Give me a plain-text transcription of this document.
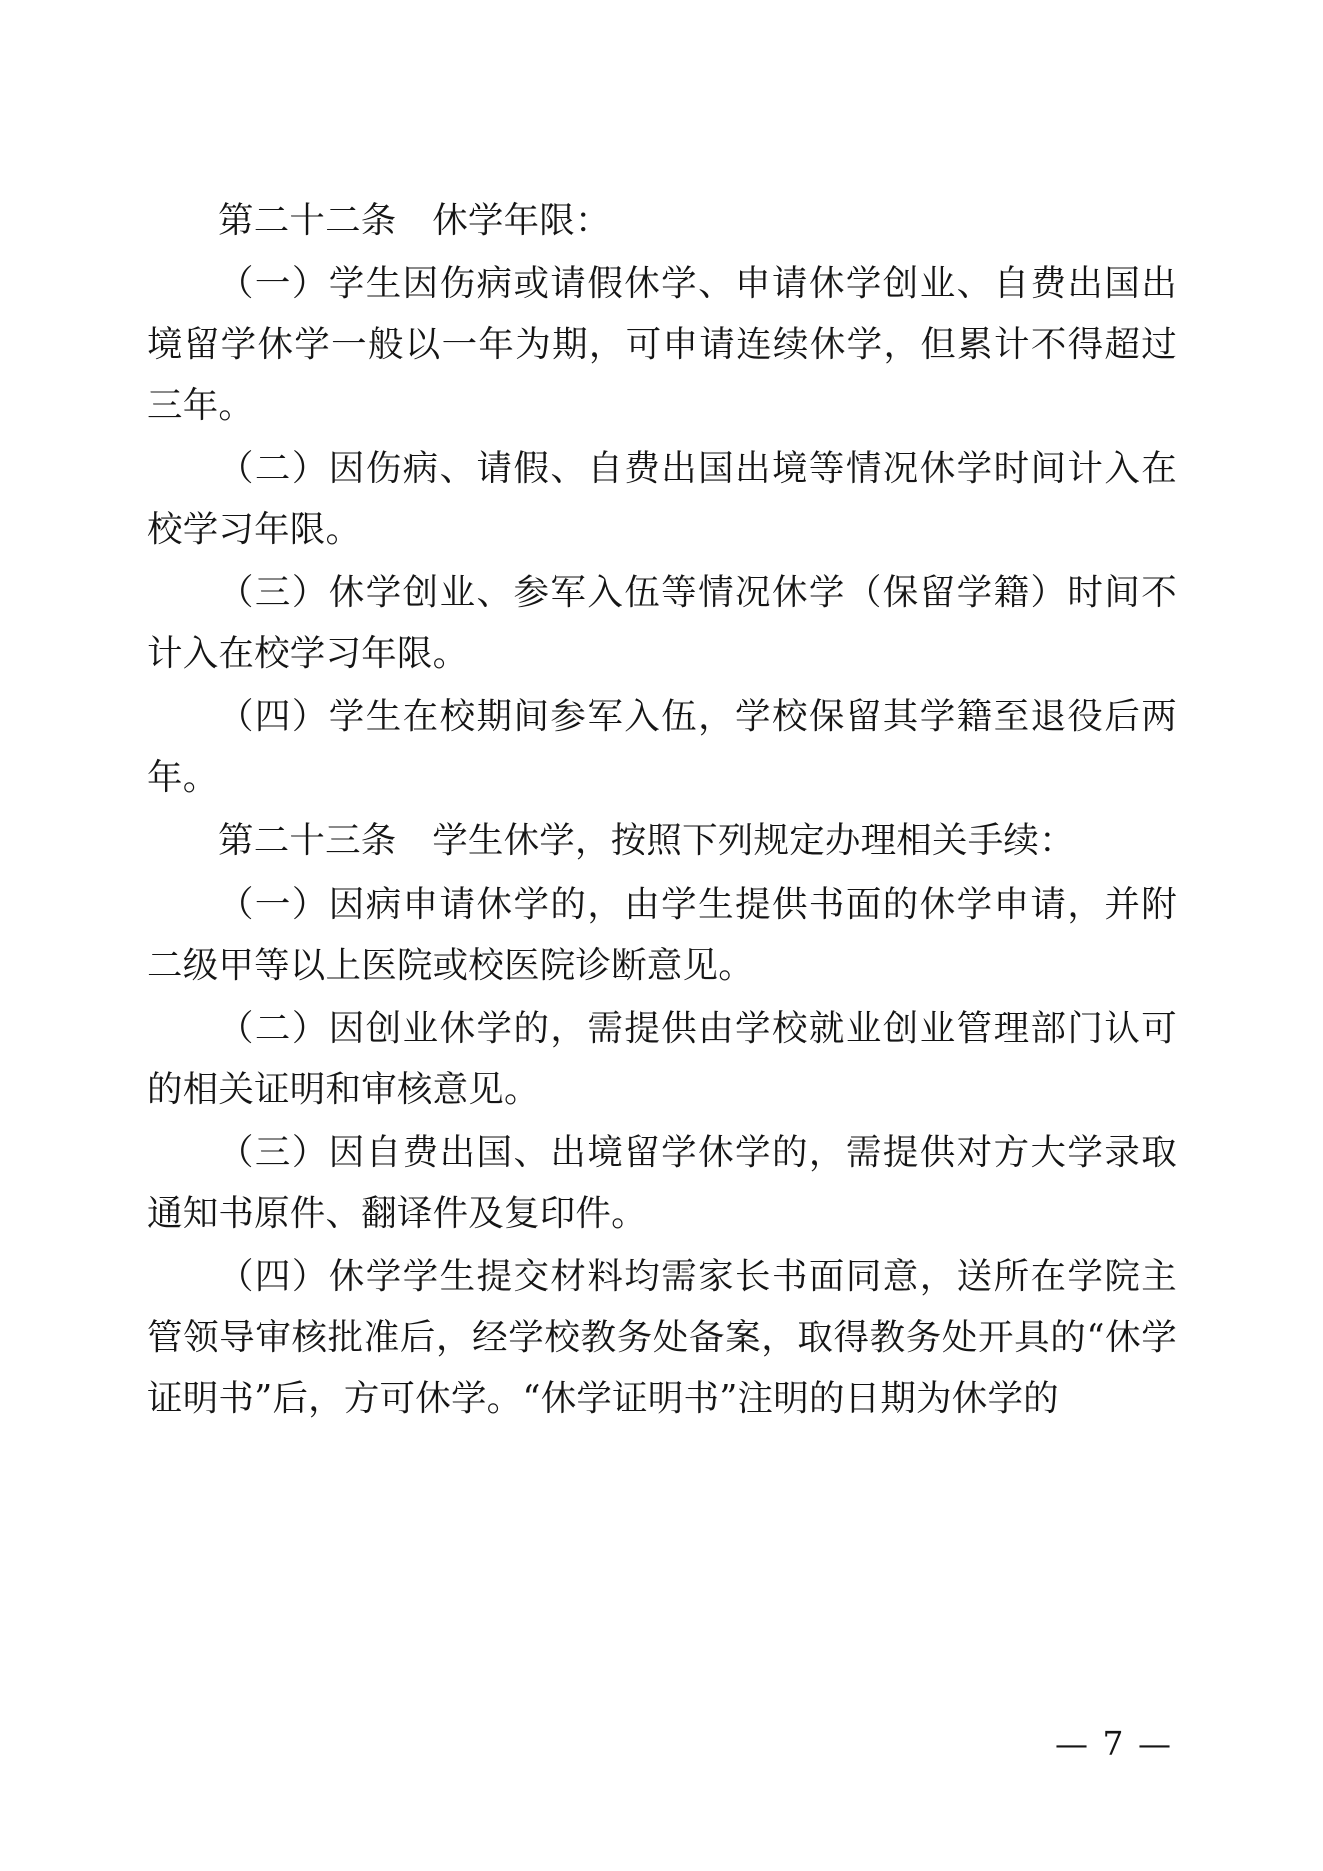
第二十二条　休学年限：

（一）学生因伤病或请假休学、申请休学创业、自费出国出境留学休学一般以一年为期，可申请连续休学，但累计不得超过三年。

（二）因伤病、请假、自费出国出境等情况休学时间计入在校学习年限。

（三）休学创业、参军入伍等情况休学（保留学籍）时间不计入在校学习年限。

（四）学生在校期间参军入伍，学校保留其学籍至退役后两年。

第二十三条　学生休学，按照下列规定办理相关手续：

（一）因病申请休学的，由学生提供书面的休学申请，并附二级甲等以上医院或校医院诊断意见。

（二）因创业休学的，需提供由学校就业创业管理部门认可的相关证明和审核意见。

（三）因自费出国、出境留学休学的，需提供对方大学录取通知书原件、翻译件及复印件。

（四）休学学生提交材料均需家长书面同意，送所在学院主管领导审核批准后，经学校教务处备案，取得教务处开具的“休学证明书”后，方可休学。“休学证明书”注明的日期为休学的

— 7 —
